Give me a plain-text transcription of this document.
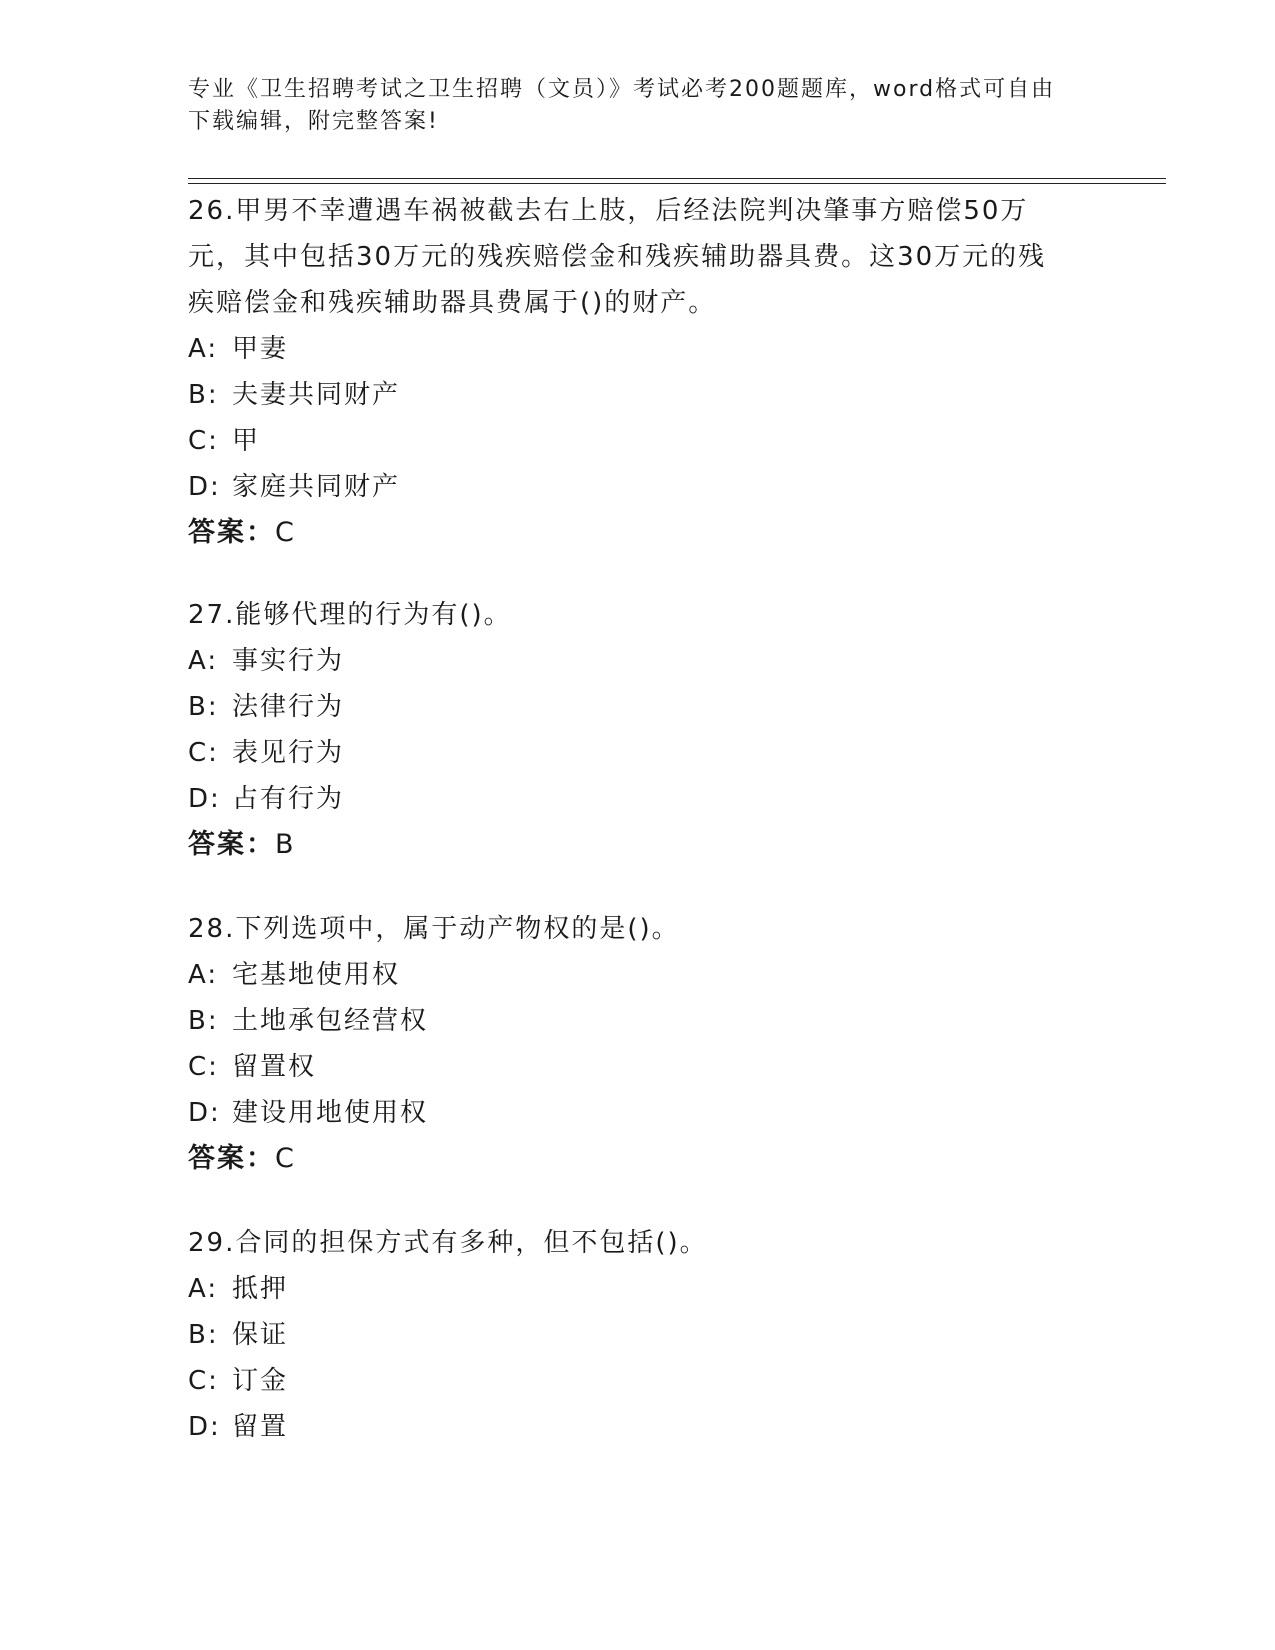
专业《卫生招聘考试之卫生招聘（文员）》考试必考200题题库，word格式可自由下载编辑，附完整答案!

26.甲男不幸遭遇车祸被截去右上肢，后经法院判决肇事方赔偿50万元，其中包括30万元的残疾赔偿金和残疾辅助器具费。这30万元的残疾赔偿金和残疾辅助器具费属于()的财产。

A: 甲妻
B: 夫妻共同财产
C: 甲
D: 家庭共同财产
答案：C

27.能够代理的行为有()。

A: 事实行为
B: 法律行为
C: 表见行为
D: 占有行为
答案：B

28.下列选项中，属于动产物权的是()。

A: 宅基地使用权
B: 土地承包经营权
C: 留置权
D: 建设用地使用权
答案：C

29.合同的担保方式有多种，但不包括()。

A: 抵押
B: 保证
C: 订金
D: 留置
